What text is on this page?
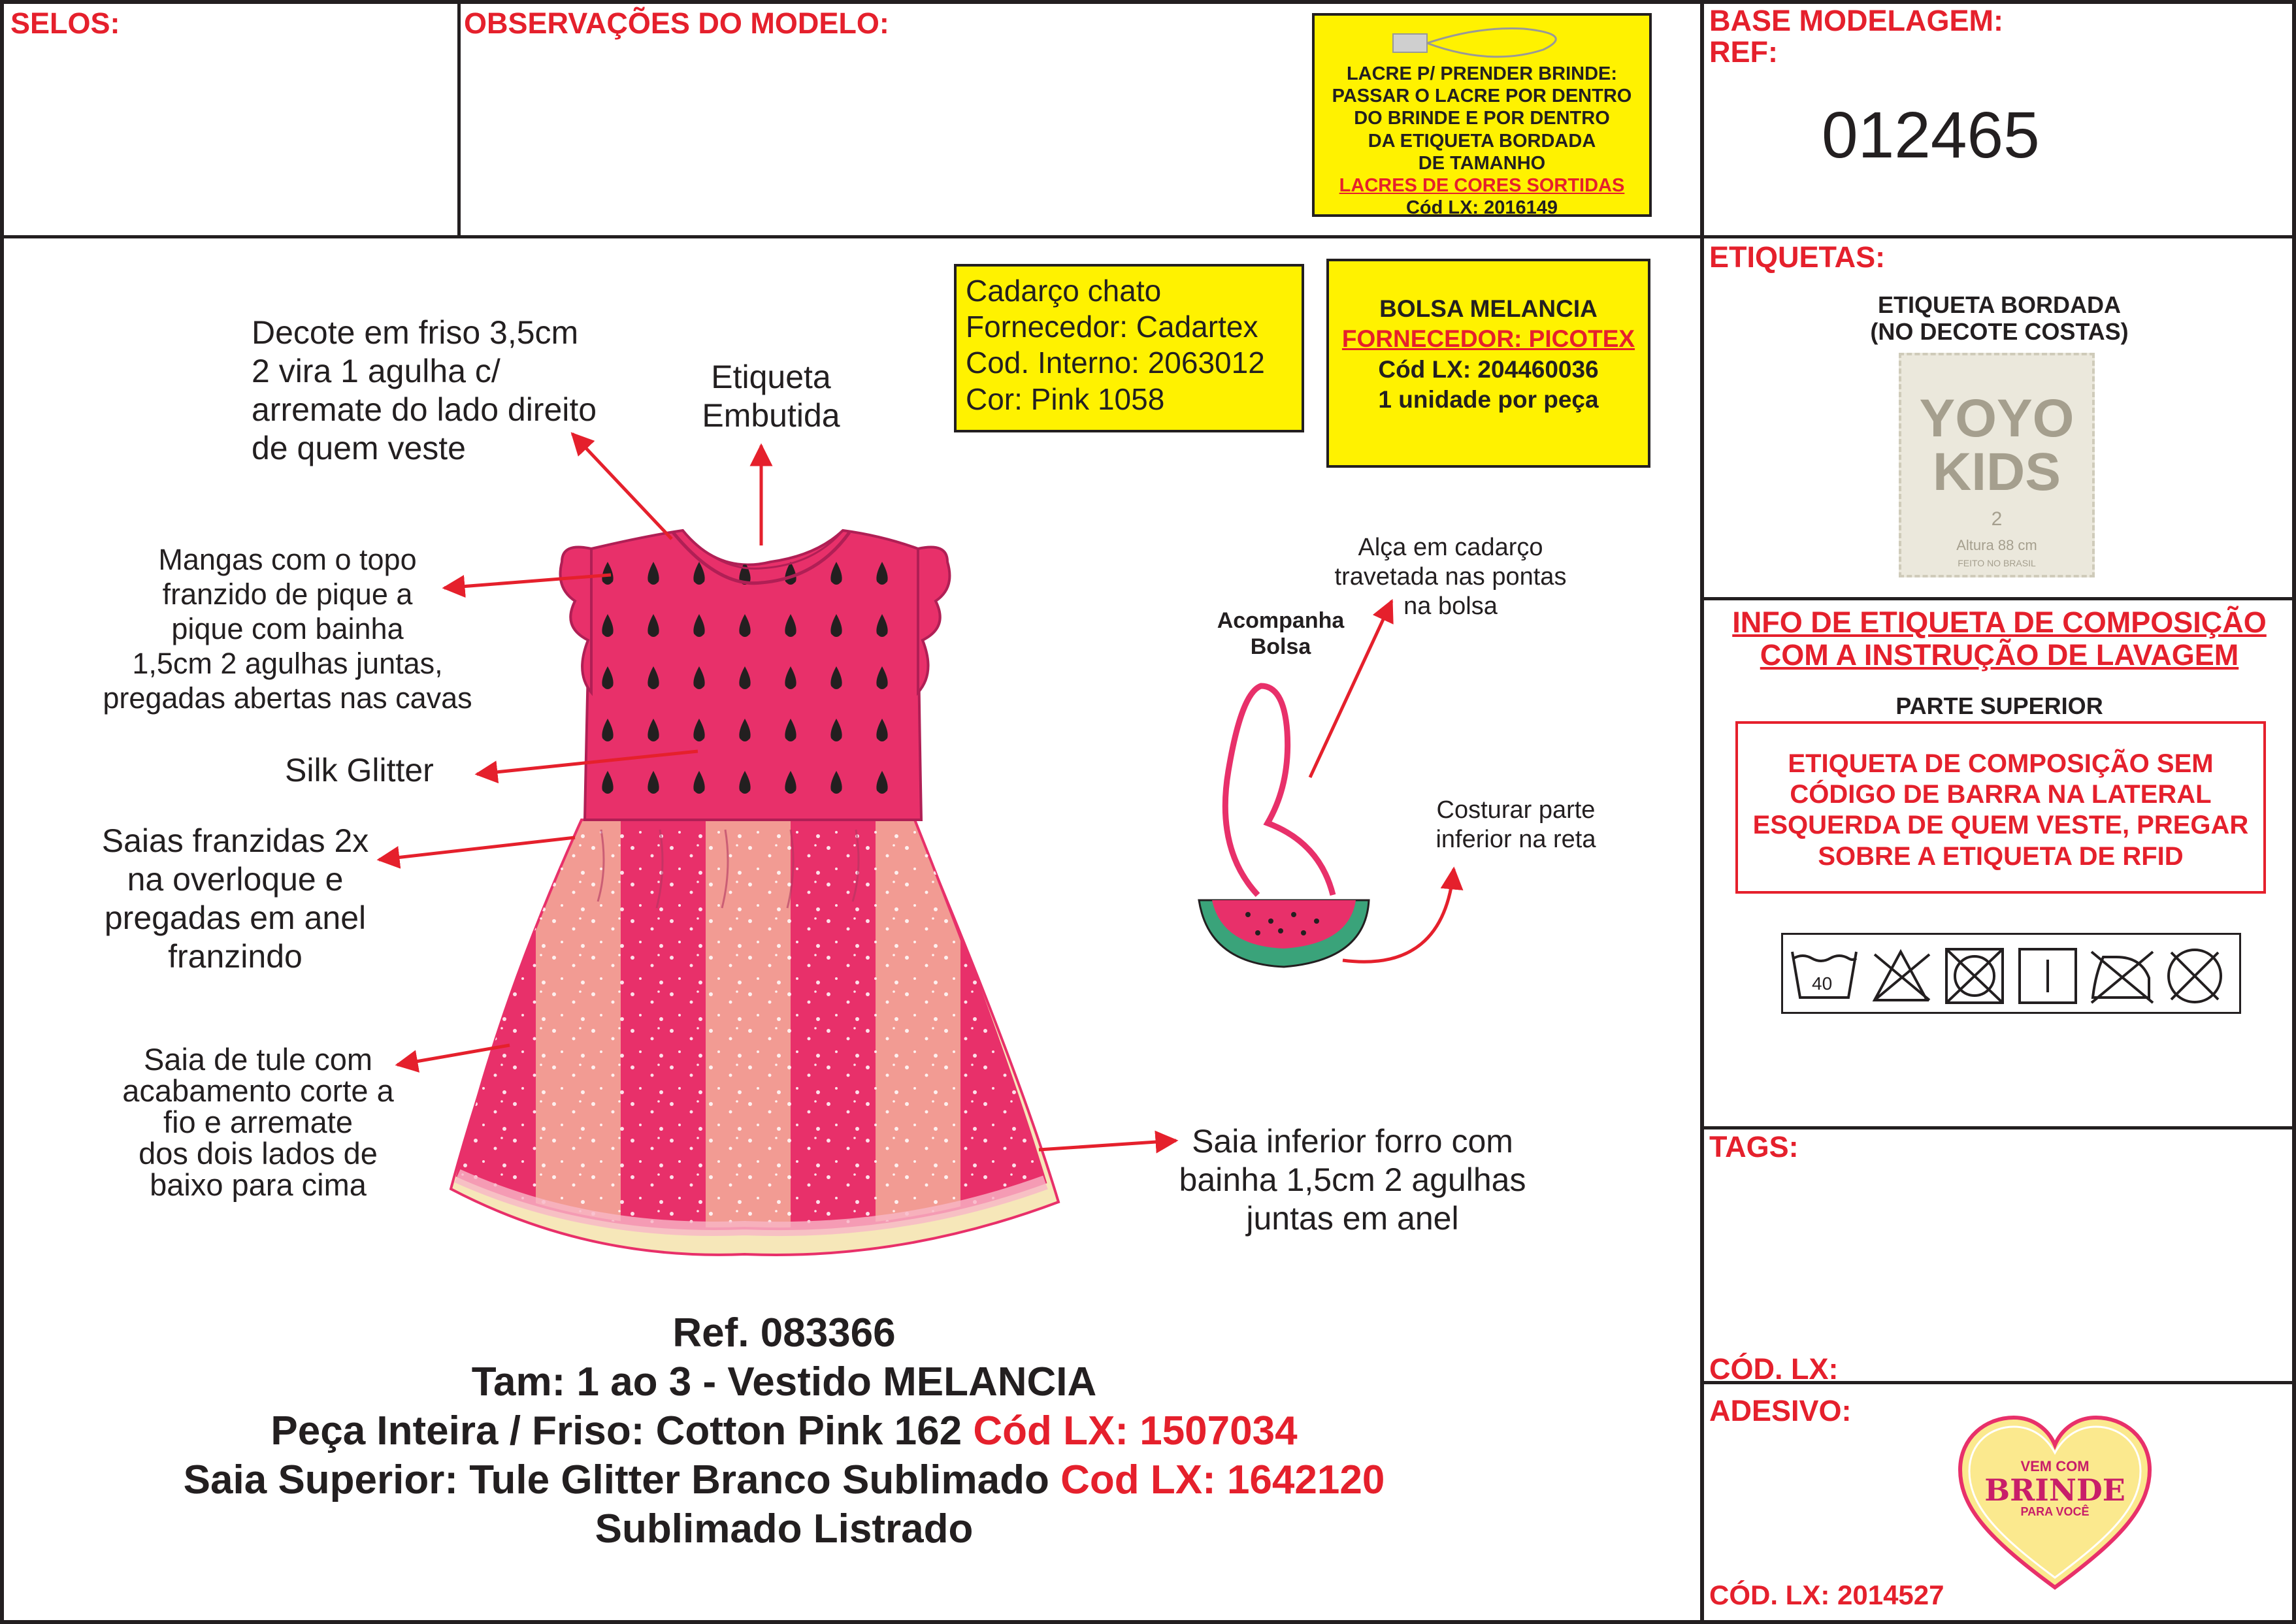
SELOS:	OBSERVAÇÕES DO MODELO:	BASE MODELAGEM:
REF:
012465
LACRE P/ PRENDER BRINDE:
PASSAR O LACRE POR DENTRO
DO BRINDE E POR DENTRO
DA ETIQUETA BORDADA
DE TAMANHO
LACRES DE CORES SORTIDAS
Cód LX: 2016149
Cadarço chato
Fornecedor: Cadartex
Cod. Interno: 2063012
Cor: Pink 1058
BOLSA MELANCIA
FORNECEDOR: PICOTEX
Cód LX: 204460036
1 unidade por peça
Decote em friso 3,5cm
2 vira 1 agulha c/
arremate do lado direito
de quem veste
Etiqueta
Embutida
Mangas com o topo
franzido de pique a
pique com bainha
1,5cm 2 agulhas juntas,
pregadas abertas nas cavas
Silk Glitter
Saias franzidas 2x
na overloque e
pregadas em anel
franzindo
Saia de tule com
acabamento corte a
fio e arremate
dos dois lados de
baixo para cima
Saia inferior forro com
bainha 1,5cm 2 agulhas
juntas em anel
Acompanha
Bolsa
Alça em cadarço
travetada nas pontas
na bolsa
Costurar parte
inferior na reta
Ref. 083366
Tam: 1 ao 3 - Vestido MELANCIA
Peça Inteira / Friso: Cotton Pink 162 Cód LX: 1507034
Saia Superior: Tule Glitter Branco Sublimado Cod LX: 1642120
Sublimado Listrado
ETIQUETAS:
ETIQUETA BORDADA
(NO DECOTE COSTAS)
YOYO
KIDS
2
Altura 88 cm
FEITO NO BRASIL
INFO DE ETIQUETA DE COMPOSIÇÃO
COM A INSTRUÇÃO DE LAVAGEM
PARTE SUPERIOR
ETIQUETA DE COMPOSIÇÃO SEM
CÓDIGO DE BARRA NA LATERAL
ESQUERDA DE QUEM VESTE, PREGAR
SOBRE A ETIQUETA DE RFID
40
TAGS:
CÓD. LX:
ADESIVO:
VEM COM
BRINDE
PARA VOCÊ
CÓD. LX: 2014527
